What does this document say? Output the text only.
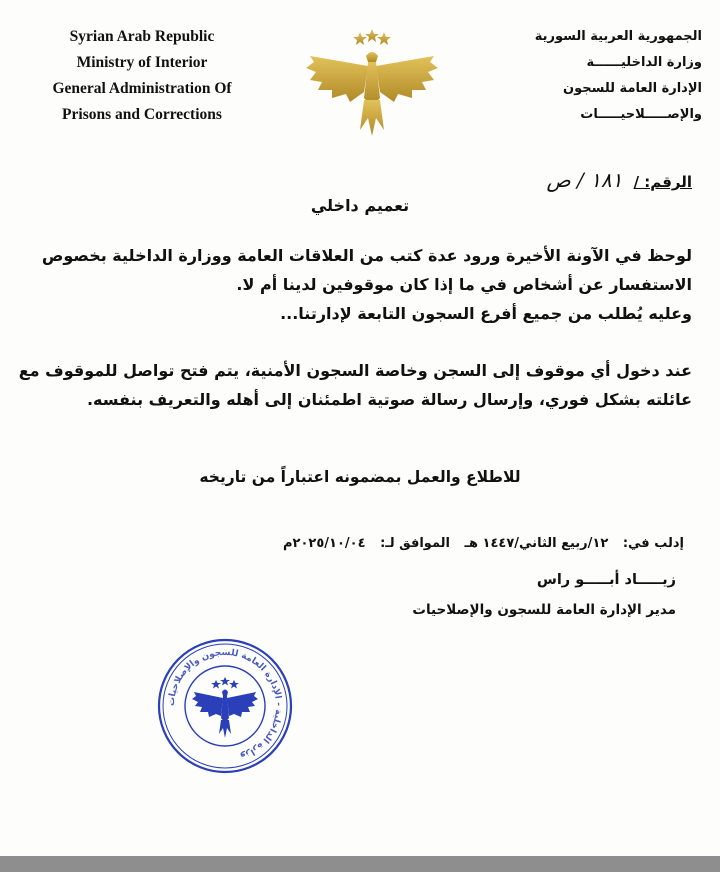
Syrian Arab Republic
Ministry of Interior
General Administration Of
Prisons and Corrections
الجمهورية العربية السورية
وزارة الداخليــــــة
الإدارة العامة للسجون
والإصـــــلاحيـــــات
الرقم: / ١٨١ / ص
تعميم داخلي
لوحظ في الآونة الأخيرة ورود عدة كتب من العلاقات العامة ووزارة الداخلية بخصوص
الاستفسار عن أشخاص في ما إذا كان موقوفين لدينا أم لا.
وعليه يُطلب من جميع أفرع السجون التابعة لإدارتنا...
عند دخول أي موقوف إلى السجن وخاصة السجون الأمنية، يتم فتح تواصل للموقوف مع
عائلته بشكل فوري، وإرسال رسالة صوتية اطمئنان إلى أهله والتعريف بنفسه.
للاطلاع والعمل بمضمونه اعتباراً من تاريخه
إدلب في: ١٢/ربيع الثاني/١٤٤٧ هـ الموافق لـ: ٢٠٢٥/١٠/٠٤م
زيـــــاد أبـــــو راس
مدير الإدارة العامة للسجون والإصلاحيات
وزارة الداخلية - الإدارة العامة للسجون والإصلاحيات
